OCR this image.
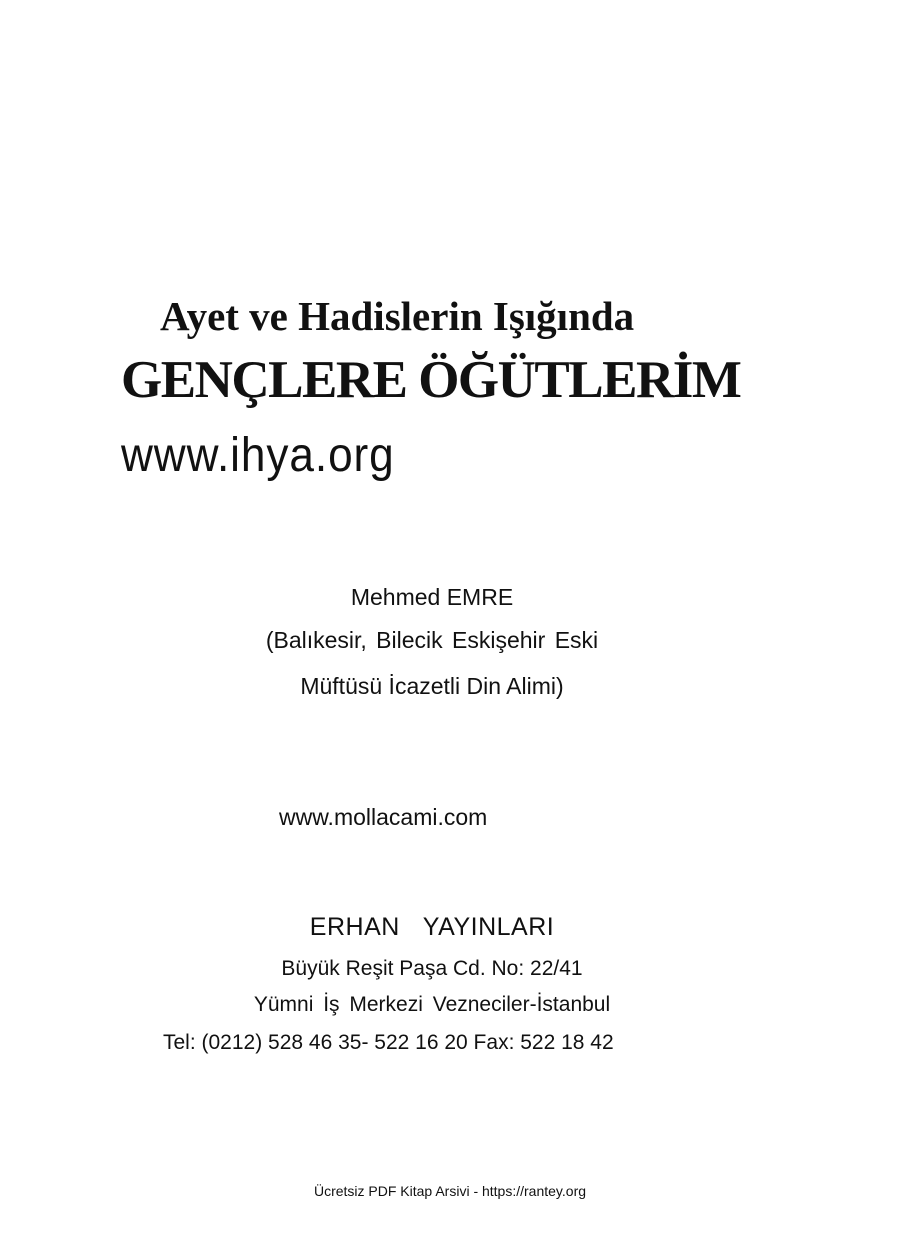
Ayet ve Hadislerin Işığında
GENÇLERE ÖĞÜTLERİM
www.ihya.org
Mehmed EMRE
(Balıkesir, Bilecik Eskişehir Eski
Müftüsü İcazetli Din Alimi)
www.mollacami.com
ERHAN YAYINLARI
Büyük Reşit Paşa Cd. No: 22/41
Yümni İş Merkezi Vezneciler-İstanbul
Tel: (0212) 528 46 35- 522 16 20 Fax: 522 18 42
Ücretsiz PDF Kitap Arsivi - https://rantey.org
